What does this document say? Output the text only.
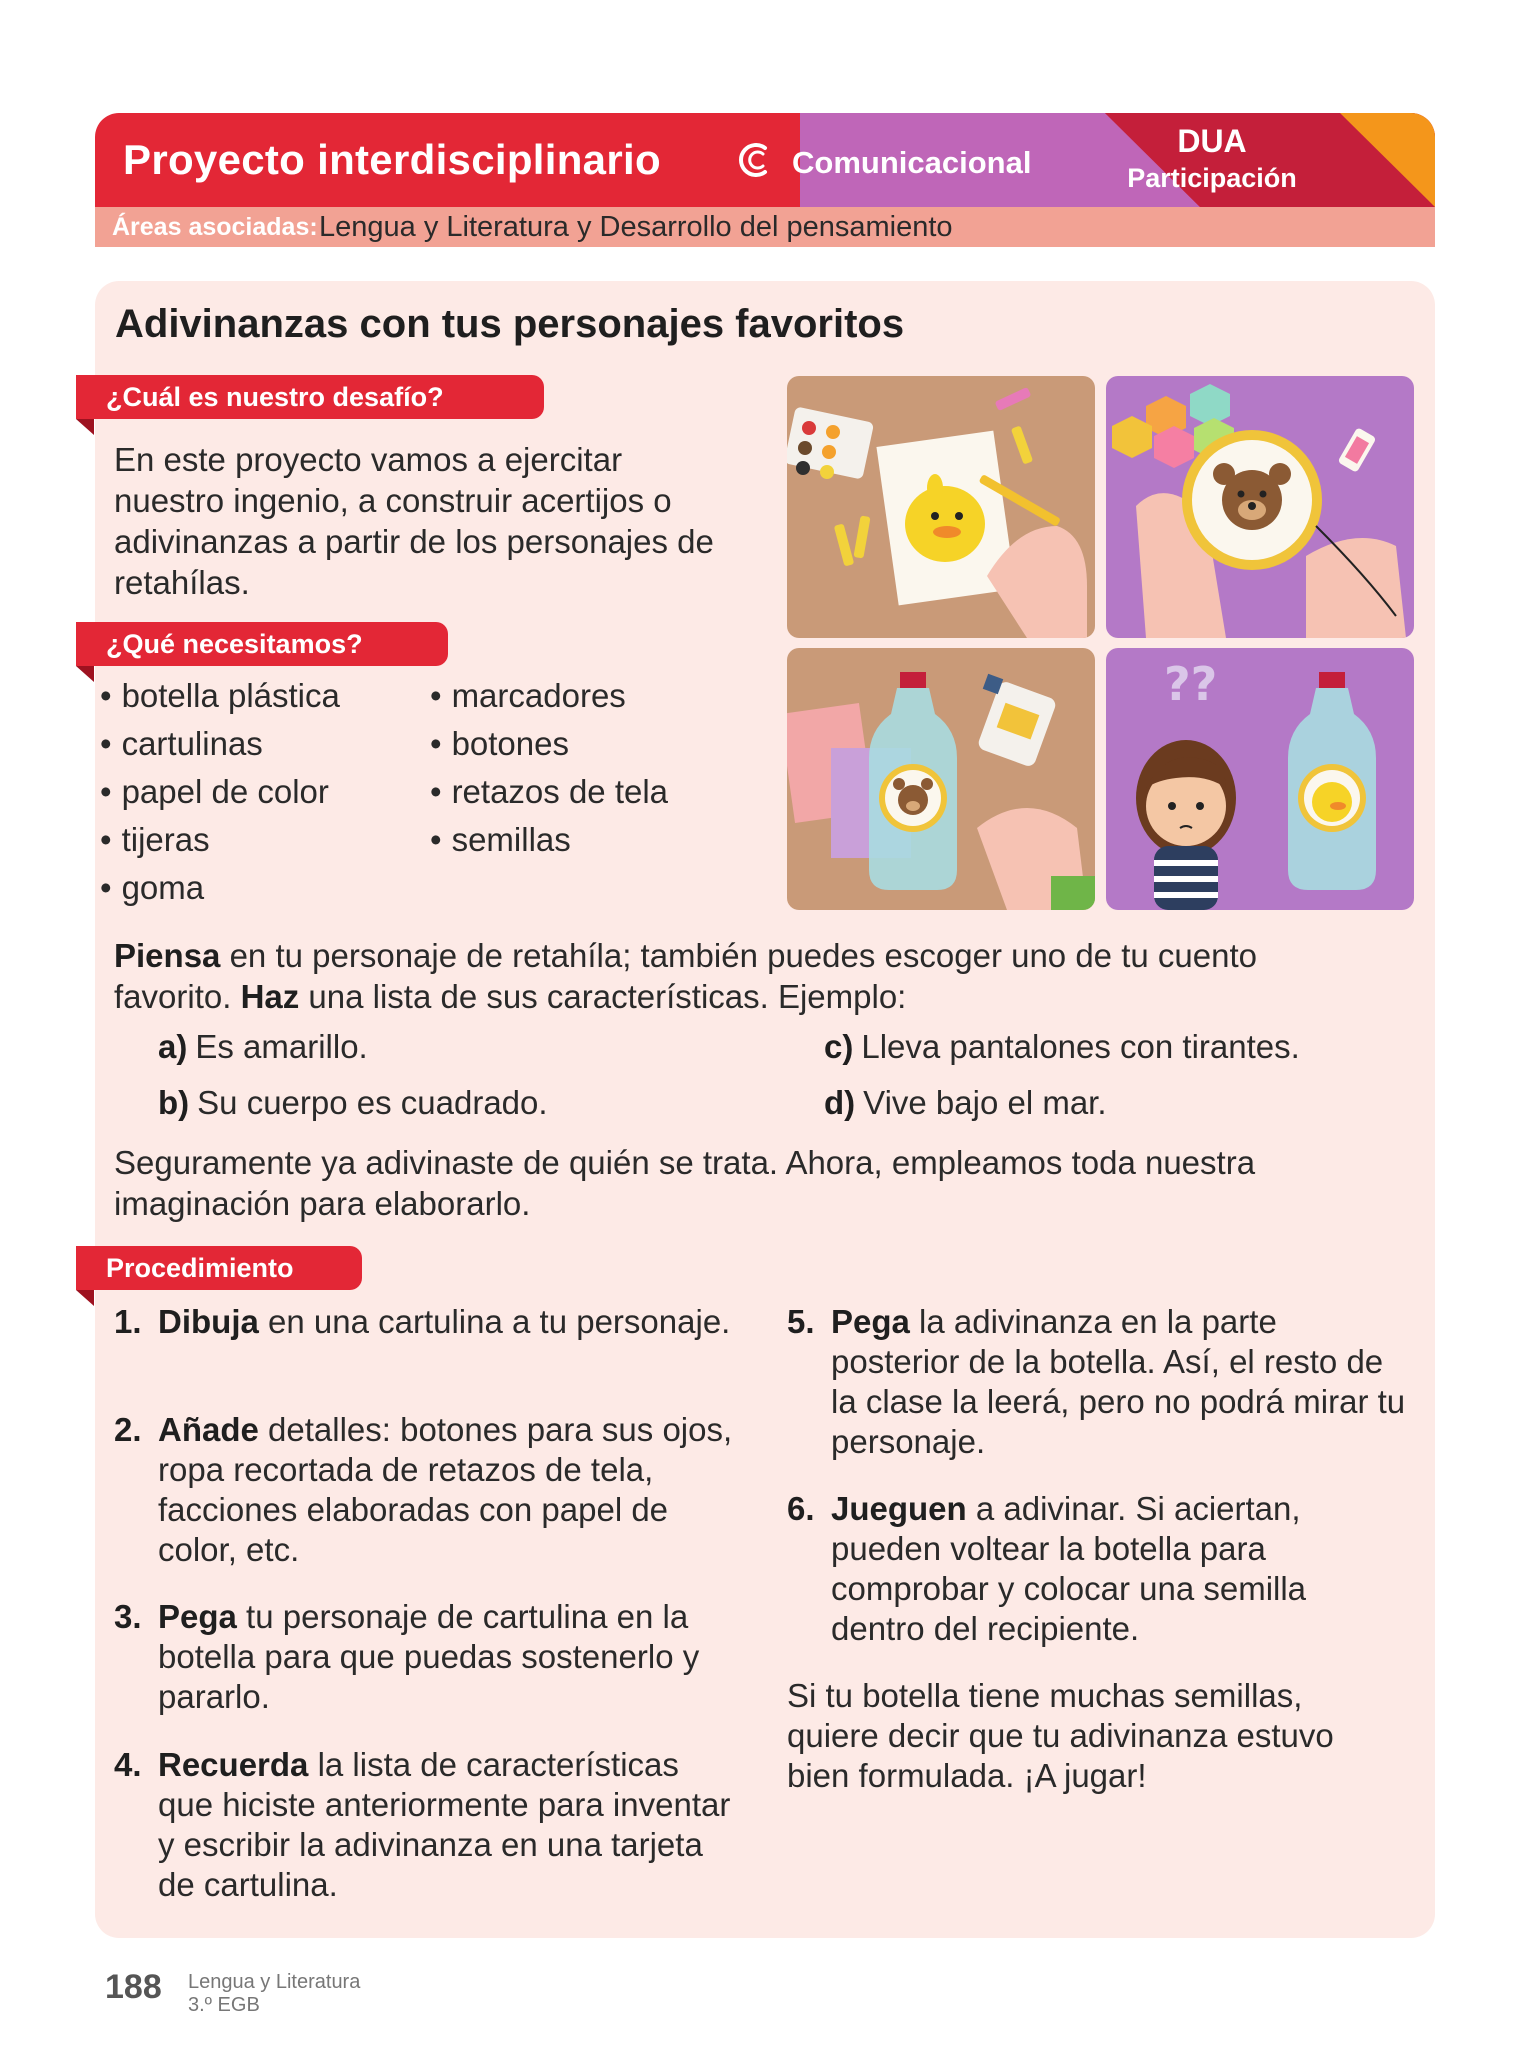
Proyecto interdisciplinario	Comunicacional
DUA
Participación
Áreas asociadas: Lengua y Literatura y Desarrollo del pensamiento
Adivinanzas con tus personajes favoritos
¿Cuál es nuestro desafío?
En este proyecto vamos a ejercitar nuestro ingenio, a construir acertijos o adivinanzas a partir de los personajes de retahílas.
¿Qué necesitamos?
• botella plástica
• cartulinas
• papel de color
• tijeras
• goma
• marcadores
• botones
• retazos de tela
• semillas
??
Piensa en tu personaje de retahíla; también puedes escoger uno de tu cuento favorito. Haz una lista de sus características. Ejemplo:
a) Es amarillo.
b) Su cuerpo es cuadrado.
c) Lleva pantalones con tirantes.
d) Vive bajo el mar.
Seguramente ya adivinaste de quién se trata. Ahora, empleamos toda nuestra imaginación para elaborarlo.
Procedimiento
1. Dibuja en una cartulina a tu personaje.
2. Añade detalles: botones para sus ojos, ropa recortada de retazos de tela, facciones elaboradas con papel de color, etc.
3. Pega tu personaje de cartulina en la botella para que puedas sostenerlo y pararlo.
4. Recuerda la lista de características que hiciste anteriormente para inventar y escribir la adivinanza en una tarjeta de cartulina.
5. Pega la adivinanza en la parte posterior de la botella. Así, el resto de la clase la leerá, pero no podrá mirar tu personaje.
6. Jueguen a adivinar. Si aciertan, pueden voltear la botella para comprobar y colocar una semilla dentro del recipiente.
Si tu botella tiene muchas semillas, quiere decir que tu adivinanza estuvo bien formulada. ¡A jugar!
188 Lengua y Literatura
3.º EGB
